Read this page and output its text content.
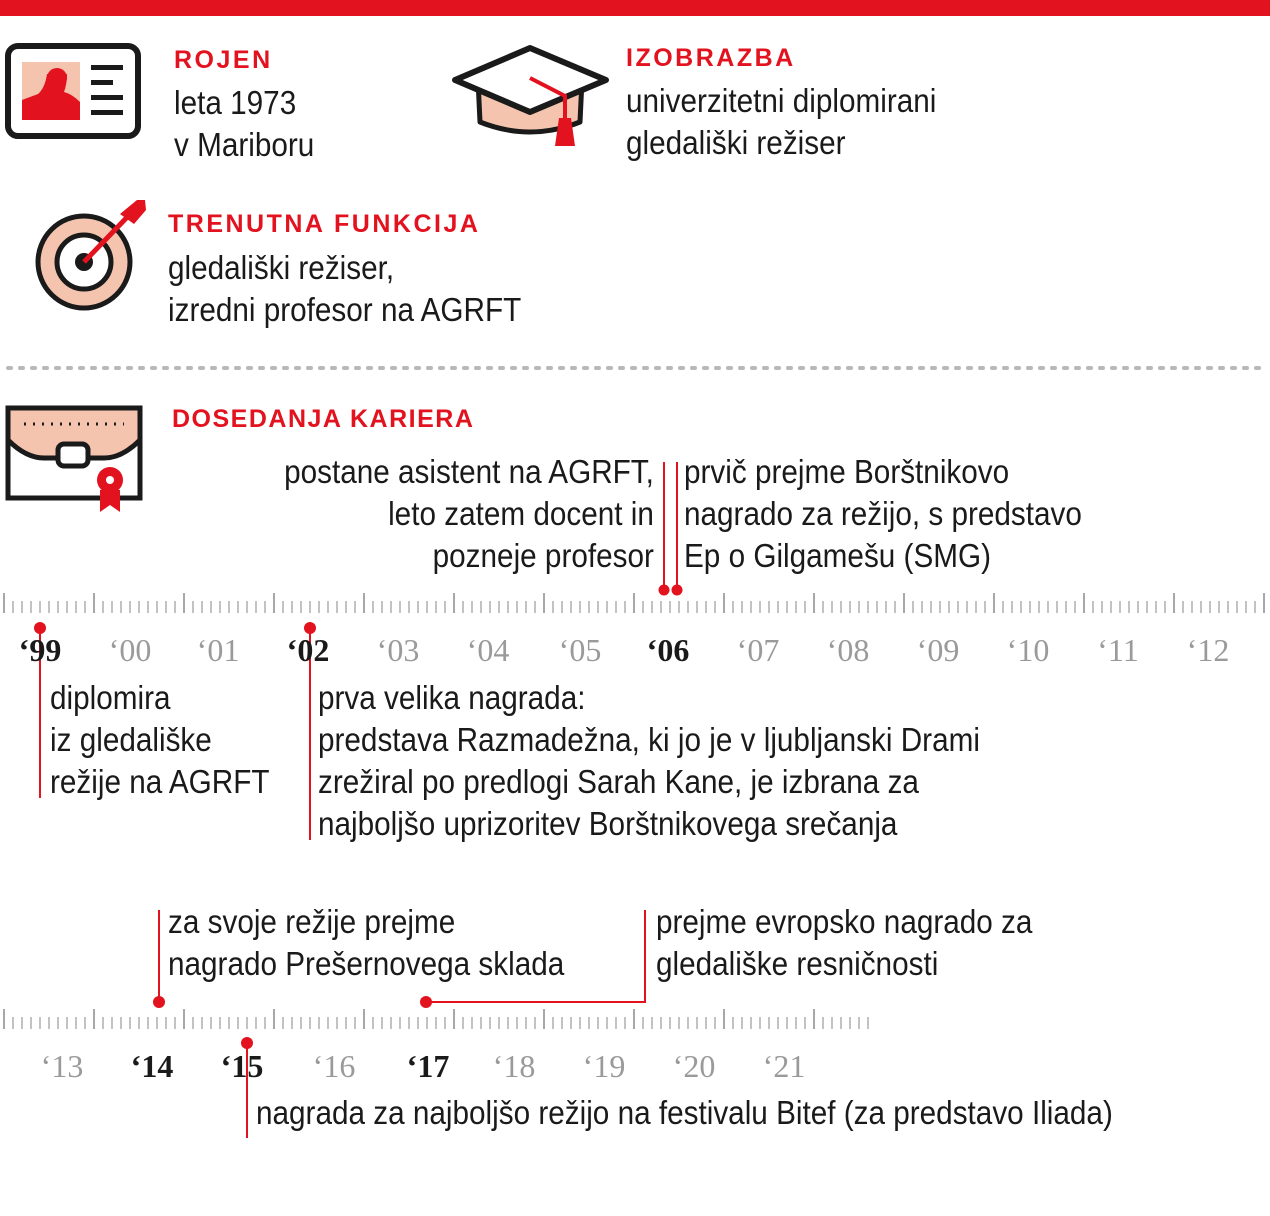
ROJEN
leta 1973
v Mariboru
IZOBRAZBA
univerzitetni diplomirani
gledališki režiser
TRENUTNA FUNKCIJA
gledališki režiser,
izredni profesor na AGRFT
DOSEDANJA KARIERA
postane asistent na AGRFT,
leto zatem docent in
pozneje profesor
prvič prejme Borštnikovo
nagrado za režijo, s predstavo
Ep o Gilgamešu (SMG)
‘99 ‘00 ‘01 ‘02 ‘03 ‘04 ‘05 ‘06 ‘07 ‘08 ‘09 ‘10 ‘11 ‘12
diplomira
iz gledališke
režije na AGRFT
prva velika nagrada:
predstava Razmadežna, ki jo je v ljubljanski Drami
zrežiral po predlogi Sarah Kane, je izbrana za
najboljšo uprizoritev Borštnikovega srečanja
za svoje režije prejme
nagrado Prešernovega sklada
prejme evropsko nagrado za
gledališke resničnosti
‘13 ‘14 ‘15 ‘16 ‘17 ‘18 ‘19 ‘20 ‘21
nagrada za najboljšo režijo na festivalu Bitef (za predstavo Iliada)
